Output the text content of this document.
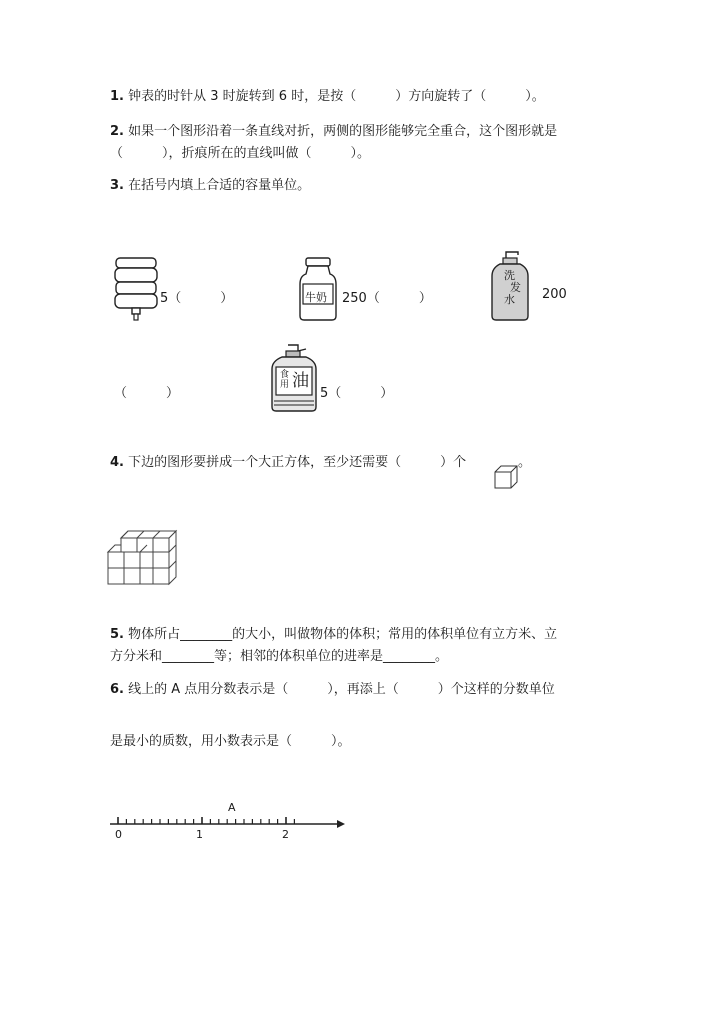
1. 钟表的时针从 3 时旋转到 6 时，是按（　　　）方向旋转了（　　　）。
2. 如果一个图形沿着一条直线对折，两侧的图形能够完全重合，这个图形就是
（　　　），折痕所在的直线叫做（　　　）。
3. 在括号内填上合适的容量单位。
5（　　　）	牛奶 250（　　　）
洗
发
水 200
（　　　）
食
用 油
5（　　　）
4. 下边的图形要拼成一个大正方体，至少还需要（　　　）个	。
5. 物体所占________的大小，叫做物体的体积；常用的体积单位有立方米、立
方分米和________等；相邻的体积单位的进率是________。
6. 线上的 A 点用分数表示是（　　　），再添上（　　　）个这样的分数单位
是最小的质数，用小数表示是（　　　）。
0	1	2
A
